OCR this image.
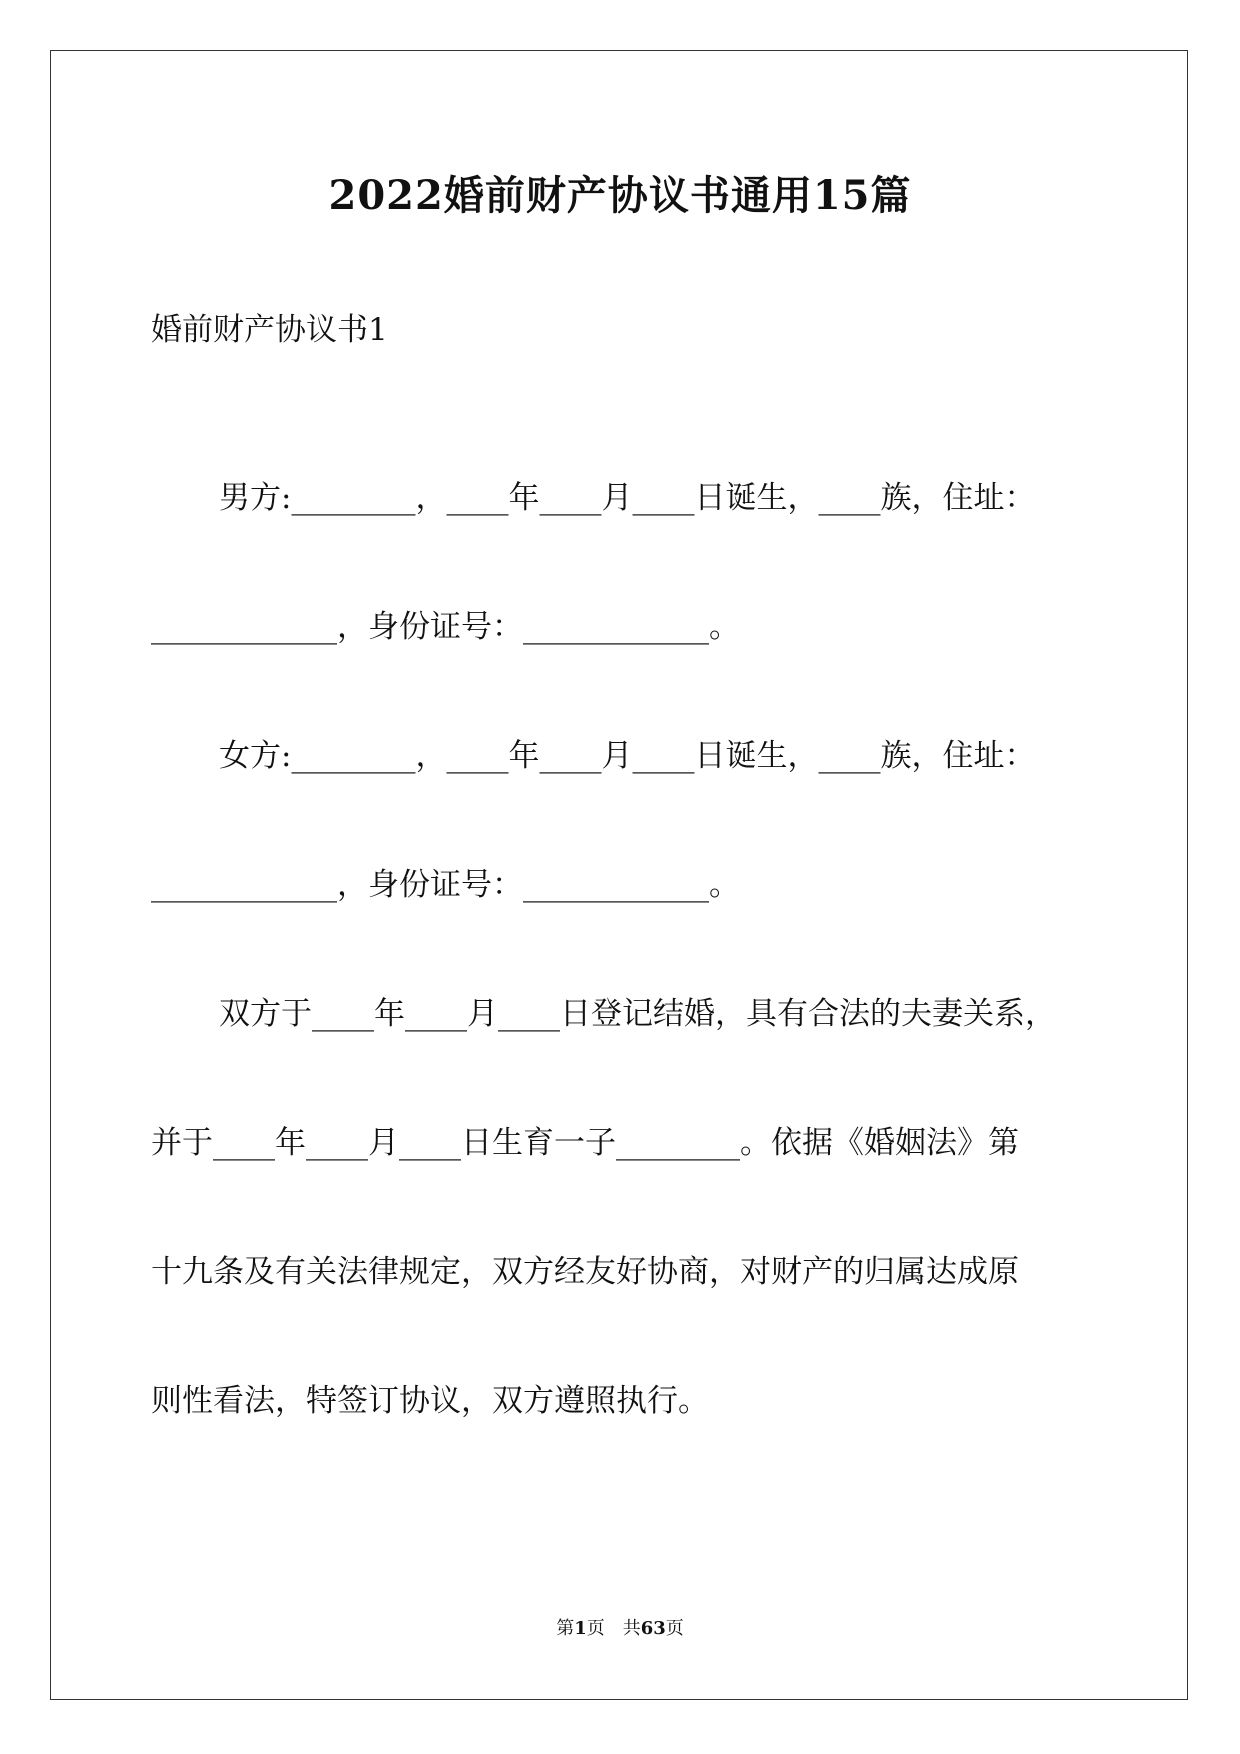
2022婚前财产协议书通用15篇
婚前财产协议书1
男方:________，____年____月____日诞生，____族，住址：
____________，身份证号：____________。
女方:________，____年____月____日诞生，____族，住址：
____________，身份证号：____________。
双方于____年____月____日登记结婚，具有合法的夫妻关系，
并于____年____月____日生育一子________。依据《婚姻法》第
十九条及有关法律规定，双方经友好协商，对财产的归属达成原
则性看法，特签订协议，双方遵照执行。
第1页　共63页
